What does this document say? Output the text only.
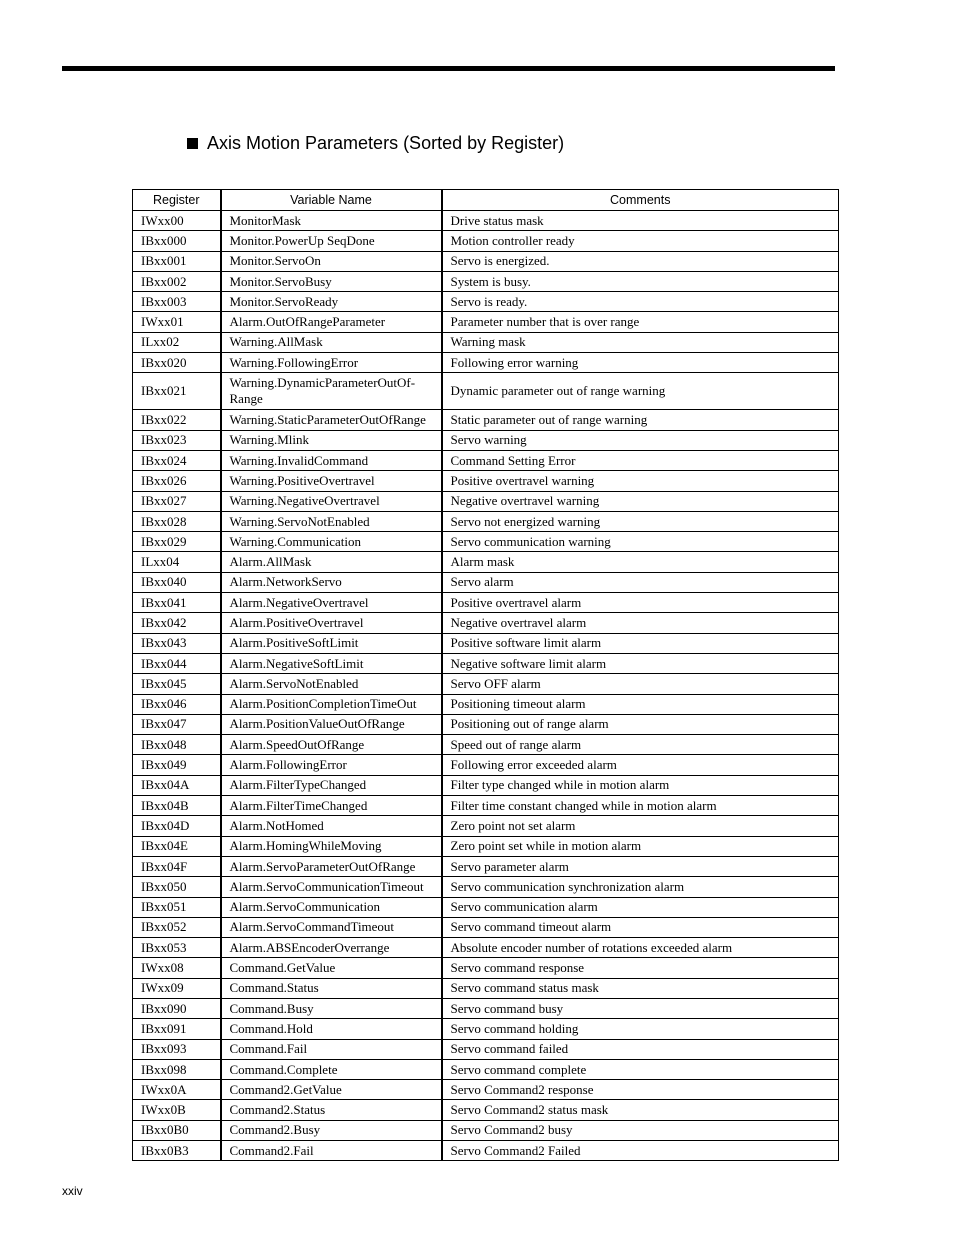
Axis Motion Parameters (Sorted by Register)
Register	Variable Name	Comments
IWxx00	MonitorMask	Drive status mask
IBxx000	Monitor.PowerUp SeqDone	Motion controller ready
IBxx001	Monitor.ServoOn	Servo is energized.
IBxx002	Monitor.ServoBusy	System is busy.
IBxx003	Monitor.ServoReady	Servo is ready.
IWxx01	Alarm.OutOfRangeParameter	Parameter number that is over range
ILxx02	Warning.AllMask	Warning mask
IBxx020	Warning.FollowingError	Following error warning
IBxx021	Warning.DynamicParameterOutOf-Range	Dynamic parameter out of range warning
IBxx022	Warning.StaticParameterOutOfRange	Static parameter out of range warning
IBxx023	Warning.Mlink	Servo warning
IBxx024	Warning.InvalidCommand	Command Setting Error
IBxx026	Warning.PositiveOvertravel	Positive overtravel warning
IBxx027	Warning.NegativeOvertravel	Negative overtravel warning
IBxx028	Warning.ServoNotEnabled	Servo not energized warning
IBxx029	Warning.Communication	Servo communication warning
ILxx04	Alarm.AllMask	Alarm mask
IBxx040	Alarm.NetworkServo	Servo alarm
IBxx041	Alarm.NegativeOvertravel	Positive overtravel alarm
IBxx042	Alarm.PositiveOvertravel	Negative overtravel alarm
IBxx043	Alarm.PositiveSoftLimit	Positive software limit alarm
IBxx044	Alarm.NegativeSoftLimit	Negative software limit alarm
IBxx045	Alarm.ServoNotEnabled	Servo OFF alarm
IBxx046	Alarm.PositionCompletionTimeOut	Positioning timeout alarm
IBxx047	Alarm.PositionValueOutOfRange	Positioning out of range alarm
IBxx048	Alarm.SpeedOutOfRange	Speed out of range alarm
IBxx049	Alarm.FollowingError	Following error exceeded alarm
IBxx04A	Alarm.FilterTypeChanged	Filter type changed while in motion alarm
IBxx04B	Alarm.FilterTimeChanged	Filter time constant changed while in motion alarm
IBxx04D	Alarm.NotHomed	Zero point not set alarm
IBxx04E	Alarm.HomingWhileMoving	Zero point set while in motion alarm
IBxx04F	Alarm.ServoParameterOutOfRange	Servo parameter alarm
IBxx050	Alarm.ServoCommunicationTimeout	Servo communication synchronization alarm
IBxx051	Alarm.ServoCommunication	Servo communication alarm
IBxx052	Alarm.ServoCommandTimeout	Servo command timeout alarm
IBxx053	Alarm.ABSEncoderOverrange	Absolute encoder number of rotations exceeded alarm
IWxx08	Command.GetValue	Servo command response
IWxx09	Command.Status	Servo command status mask
IBxx090	Command.Busy	Servo command busy
IBxx091	Command.Hold	Servo command holding
IBxx093	Command.Fail	Servo command failed
IBxx098	Command.Complete	Servo command complete
IWxx0A	Command2.GetValue	Servo Command2 response
IWxx0B	Command2.Status	Servo Command2 status mask
IBxx0B0	Command2.Busy	Servo Command2 busy
IBxx0B3	Command2.Fail	Servo Command2 Failed
xxiv
